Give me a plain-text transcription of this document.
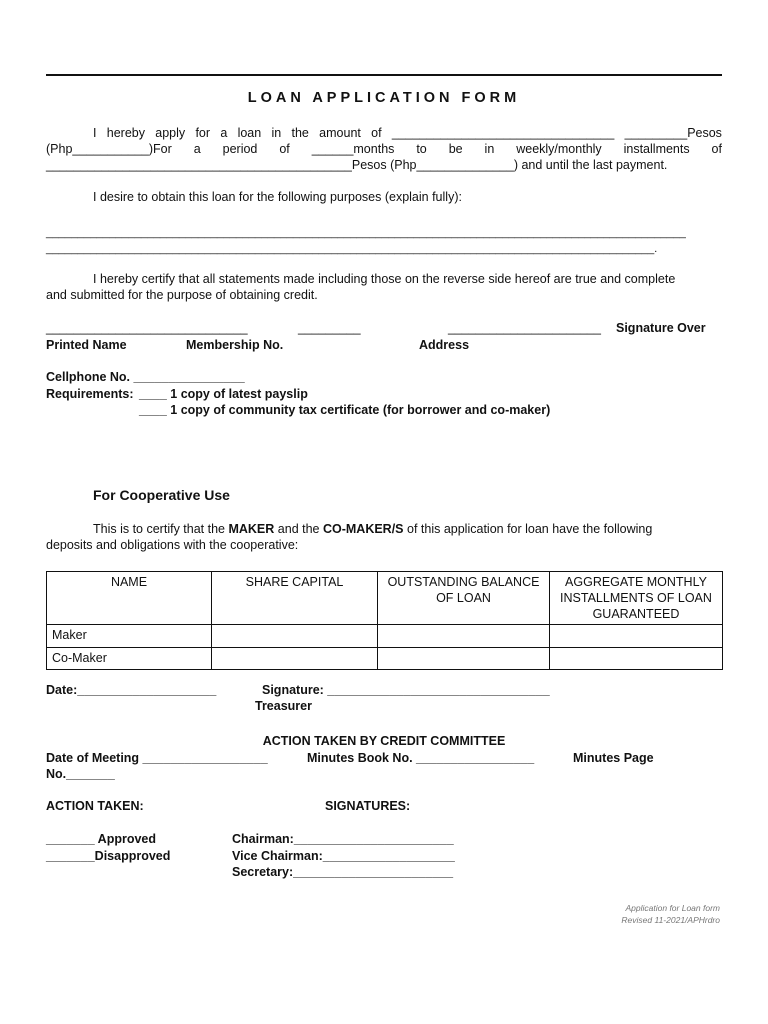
LOAN APPLICATION FORM
I hereby apply for a loan in the amount of ________________________________ _________Pesos
(Php___________)For a period of ______months to be in weekly/monthly installments of
____________________________________________Pesos (Php______________) and until the last payment.
I desire to obtain this loan for the following purposes (explain fully):
_____________________________________________________________________________________________________
________________________________________________________________________________________________.
I hereby certify that all statements made including those on the reverse side hereof are true and complete
and submitted for the purpose of obtaining credit.
_____________________________	_________	______________________ Signature Over
Printed Name	Membership No.	Address
Cellphone No. ________________
Requirements: ____ 1 copy of latest payslip
____ 1 copy of community tax certificate (for borrower and co-maker)
For Cooperative Use
This is to certify that the MAKER and the CO-MAKER/S of this application for loan have the following
deposits and obligations with the cooperative:
NAME	SHARE CAPITAL	OUTSTANDING BALANCE OF LOAN	AGGREGATE MONTHLY INSTALLMENTS OF LOAN GUARANTEED
Maker			
Co-Maker			
Date:____________________	Signature: ________________________________
Treasurer
ACTION TAKEN BY CREDIT COMMITTEE
Date of Meeting __________________	Minutes Book No. _________________	Minutes Page
No._______
ACTION TAKEN:	SIGNATURES:
_______ Approved
_______Disapproved
Chairman:_______________________
Vice Chairman:___________________
Secretary:_______________________
Application for Loan form
Revised 11-2021/APHrdro
